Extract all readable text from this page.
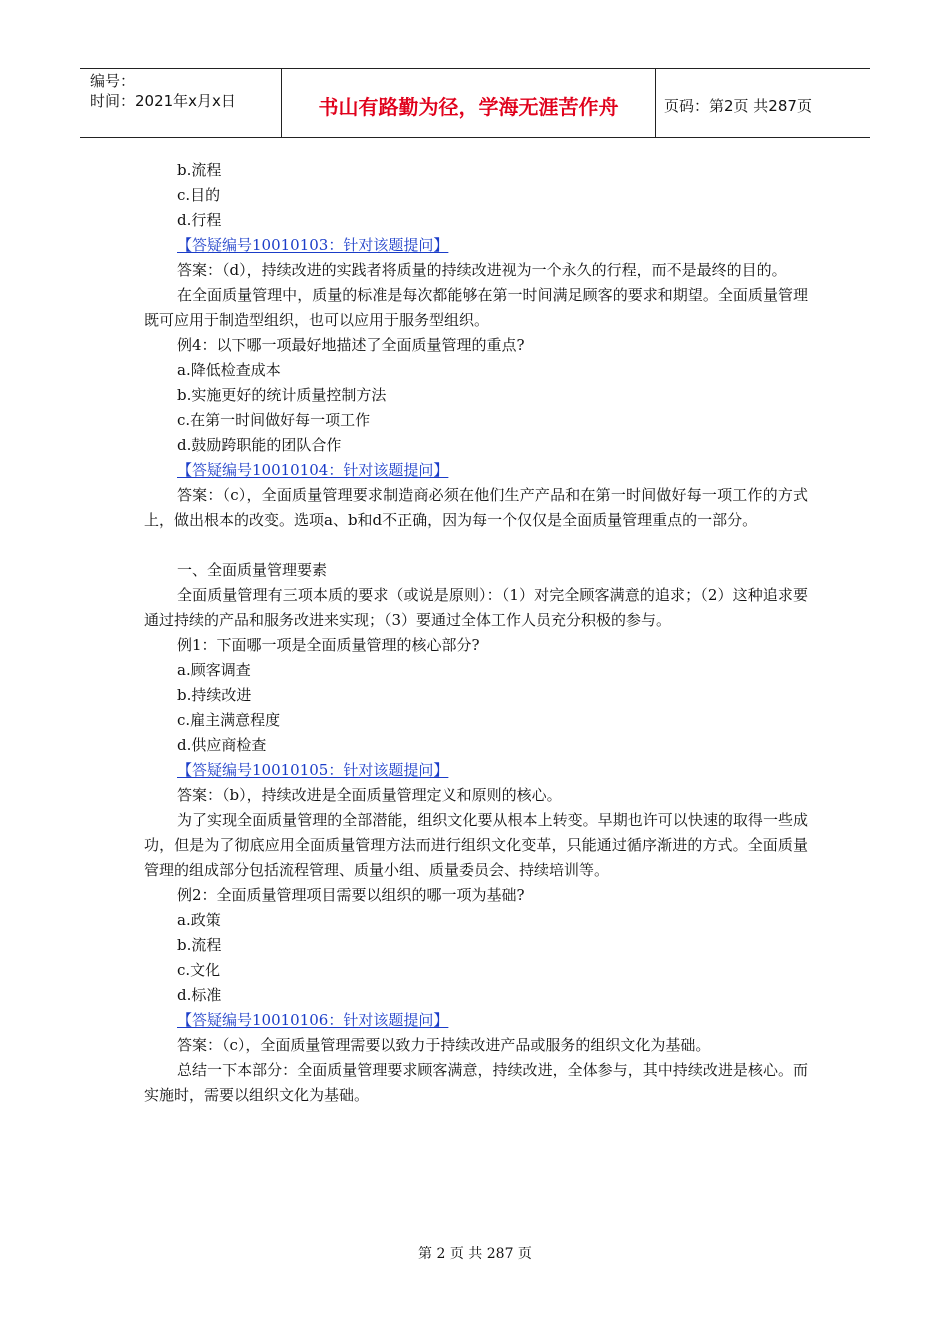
编号：
时间：2021年x月x日	书山有路勤为径，学海无涯苦作舟	页码：第2页 共287页
b.流程
c.目的
d.行程
【答疑编号10010103：针对该题提问】
答案：（d），持续改进的实践者将质量的持续改进视为一个永久的行程，而不是最终的目的。
在全面质量管理中，质量的标准是每次都能够在第一时间满足顾客的要求和期望。全面质量管理既可应用于制造型组织，也可以应用于服务型组织。
例4：以下哪一项最好地描述了全面质量管理的重点?
a.降低检查成本
b.实施更好的统计质量控制方法
c.在第一时间做好每一项工作
d.鼓励跨职能的团队合作
【答疑编号10010104：针对该题提问】
答案：（c），全面质量管理要求制造商必须在他们生产产品和在第一时间做好每一项工作的方式上，做出根本的改变。选项a、b和d不正确，因为每一个仅仅是全面质量管理重点的一部分。
一、全面质量管理要素
全面质量管理有三项本质的要求（或说是原则）：（1）对完全顾客满意的追求；（2）这种追求要通过持续的产品和服务改进来实现；（3）要通过全体工作人员充分积极的参与。
例1：下面哪一项是全面质量管理的核心部分?
a.顾客调查
b.持续改进
c.雇主满意程度
d.供应商检查
【答疑编号10010105：针对该题提问】
答案：（b），持续改进是全面质量管理定义和原则的核心。
为了实现全面质量管理的全部潜能，组织文化要从根本上转变。早期也许可以快速的取得一些成功，但是为了彻底应用全面质量管理方法而进行组织文化变革，只能通过循序渐进的方式。全面质量管理的组成部分包括流程管理、质量小组、质量委员会、持续培训等。
例2：全面质量管理项目需要以组织的哪一项为基础?
a.政策
b.流程
c.文化
d.标准
【答疑编号10010106：针对该题提问】
答案：（c），全面质量管理需要以致力于持续改进产品或服务的组织文化为基础。
总结一下本部分：全面质量管理要求顾客满意，持续改进，全体参与，其中持续改进是核心。而实施时，需要以组织文化为基础。
第 2 页 共 287 页
